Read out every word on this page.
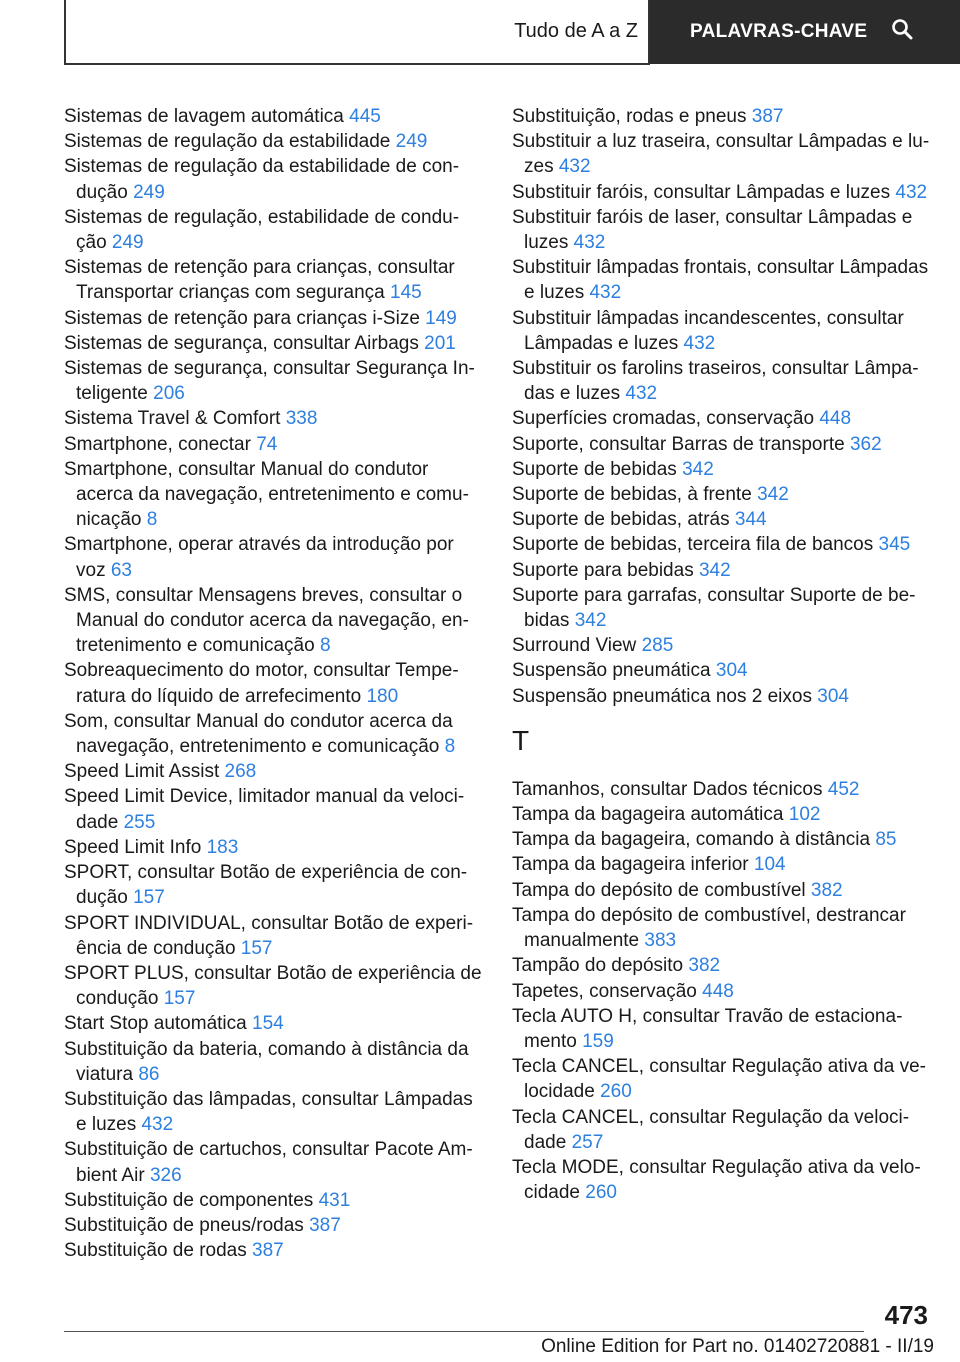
Tudo de A a Z	PALAVRAS-CHAVE

Sistemas de lavagem automática 445

Sistemas de regulação da estabilidade 249

Sistemas de regulação da estabilidade de condução 249

Sistemas de regulação, estabilidade de condução 249

Sistemas de retenção para crianças, consultar Transportar crianças com segurança 145

Sistemas de retenção para crianças i-Size 149

Sistemas de segurança, consultar Airbags 201

Sistemas de segurança, consultar Segurança Inteligente 206

Sistema Travel & Comfort 338

Smartphone, conectar 74

Smartphone, consultar Manual do condutor acerca da navegação, entretenimento e comunicação 8

Smartphone, operar através da introdução por voz 63

SMS, consultar Mensagens breves, consultar o Manual do condutor acerca da navegação, entretenimento e comunicação 8

Sobreaquecimento do motor, consultar Temperatura do líquido de arrefecimento 180

Som, consultar Manual do condutor acerca da navegação, entretenimento e comunicação 8

Speed Limit Assist 268

Speed Limit Device, limitador manual da velocidade 255

Speed Limit Info 183

SPORT, consultar Botão de experiência de condução 157

SPORT INDIVIDUAL, consultar Botão de experiência de condução 157

SPORT PLUS, consultar Botão de experiência de condução 157

Start Stop automática 154

Substituição da bateria, comando à distância da viatura 86

Substituição das lâmpadas, consultar Lâmpadas e luzes 432

Substituição de cartuchos, consultar Pacote Ambient Air 326

Substituição de componentes 431

Substituição de pneus/rodas 387

Substituição de rodas 387

Substituição, rodas e pneus 387

Substituir a luz traseira, consultar Lâmpadas e luzes 432

Substituir faróis, consultar Lâmpadas e luzes 432

Substituir faróis de laser, consultar Lâmpadas e luzes 432

Substituir lâmpadas frontais, consultar Lâmpadas e luzes 432

Substituir lâmpadas incandescentes, consultar Lâmpadas e luzes 432

Substituir os farolins traseiros, consultar Lâmpadas e luzes 432

Superfícies cromadas, conservação 448

Suporte, consultar Barras de transporte 362

Suporte de bebidas 342

Suporte de bebidas, à frente 342

Suporte de bebidas, atrás 344

Suporte de bebidas, terceira fila de bancos 345

Suporte para bebidas 342

Suporte para garrafas, consultar Suporte de bebidas 342

Surround View 285

Suspensão pneumática 304

Suspensão pneumática nos 2 eixos 304

T

Tamanhos, consultar Dados técnicos 452

Tampa da bagageira automática 102

Tampa da bagageira, comando à distância 85

Tampa da bagageira inferior 104

Tampa do depósito de combustível 382

Tampa do depósito de combustível, destrancar manualmente 383

Tampão do depósito 382

Tapetes, conservação 448

Tecla AUTO H, consultar Travão de estacionamento 159

Tecla CANCEL, consultar Regulação ativa da velocidade 260

Tecla CANCEL, consultar Regulação da velocidade 257

Tecla MODE, consultar Regulação ativa da velocidade 260

473
Online Edition for Part no. 01402720881 - II/19
